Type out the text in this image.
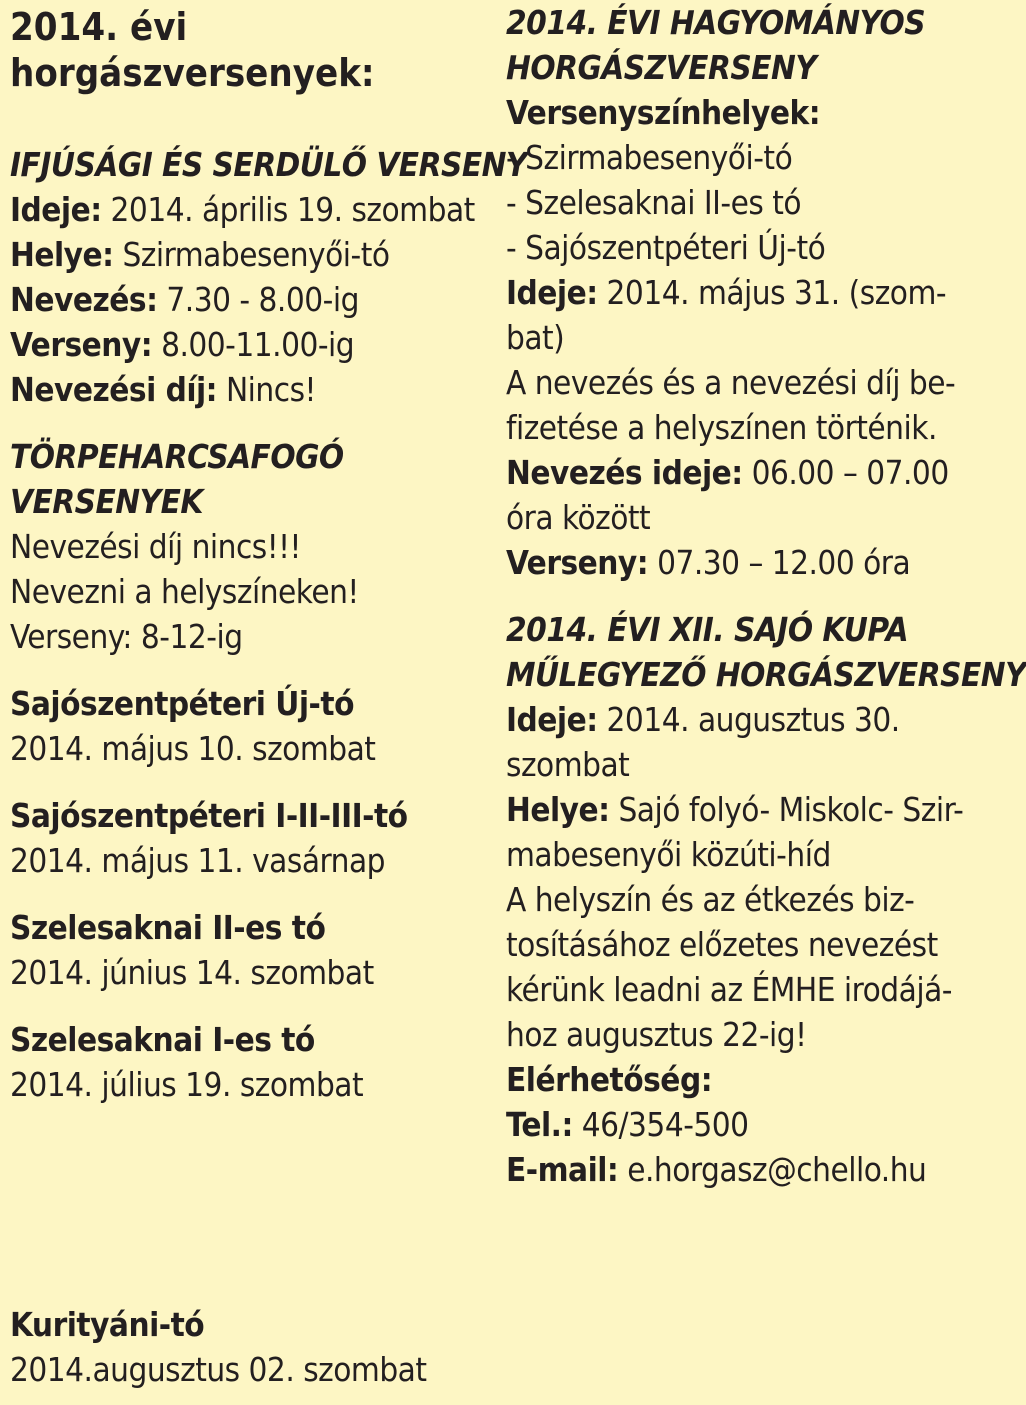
2014. évi
horgászversenyek:
IFJÚSÁGI ÉS SERDÜLŐ VERSENY
Ideje: 2014. április 19. szombat
Helye: Szirmabesenyői-tó
Nevezés: 7.30 - 8.00-ig
Verseny: 8.00-11.00-ig
Nevezési díj: Nincs!
TÖRPEHARCSAFOGÓ
VERSENYEK
Nevezési díj nincs!!!
Nevezni a helyszíneken!
Verseny: 8-12-ig
Sajószentpéteri Új-tó
2014. május 10. szombat
Sajószentpéteri I-II-III-tó
2014. május 11. vasárnap
Szelesaknai II-es tó
2014. június 14. szombat
Szelesaknai I-es tó
2014. július 19. szombat
Kurityáni-tó
2014.augusztus 02. szombat
2014. ÉVI HAGYOMÁNYOS
HORGÁSZVERSENY
Versenyszínhelyek:
- Szirmabesenyői-tó
- Szelesaknai II-es tó
- Sajószentpéteri Új-tó
Ideje: 2014. május 31. (szom-
bat)
A nevezés és a nevezési díj be-
fizetése a helyszínen történik.
Nevezés ideje: 06.00 – 07.00
óra között
Verseny: 07.30 – 12.00 óra
2014. ÉVI XII. SAJÓ KUPA
MŰLEGYEZŐ HORGÁSZVERSENY
Ideje: 2014. augusztus 30.
szombat
Helye: Sajó folyó- Miskolc- Szir-
mabesenyői közúti-híd
A helyszín és az étkezés biz-
tosításához előzetes nevezést
kérünk leadni az ÉMHE irodájá-
hoz augusztus 22-ig!
Elérhetőség:
Tel.: 46/354-500
E-mail: e.horgasz@chello.hu
